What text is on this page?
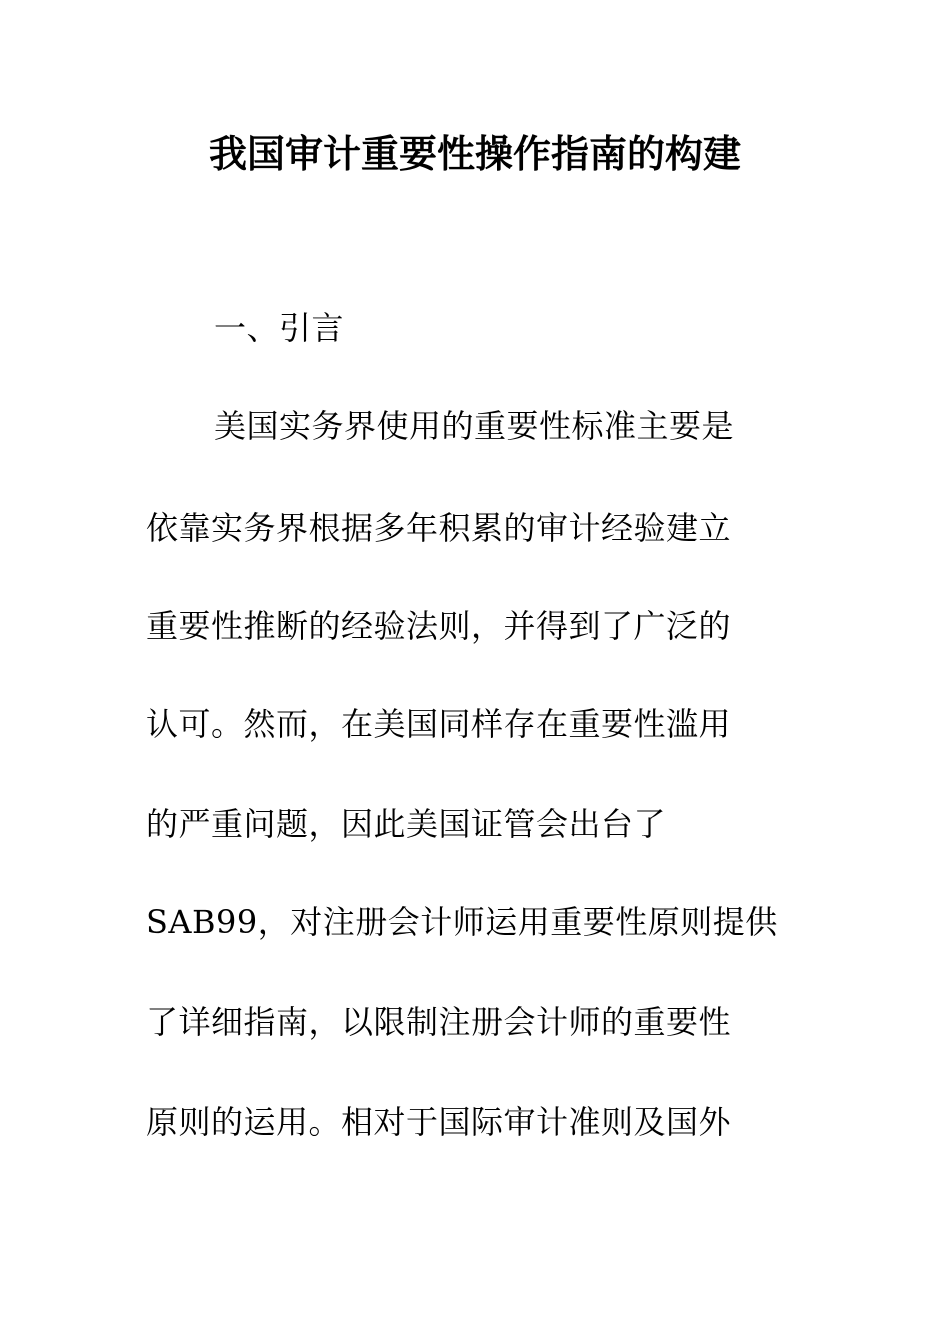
我国审计重要性操作指南的构建
一、引言
美国实务界使用的重要性标准主要是
依靠实务界根据多年积累的审计经验建立
重要性推断的经验法则，并得到了广泛的
认可。然而，在美国同样存在重要性滥用
的严重问题，因此美国证管会出台了
SAB99，对注册会计师运用重要性原则提供
了详细指南，以限制注册会计师的重要性
原则的运用。相对于国际审计准则及国外
